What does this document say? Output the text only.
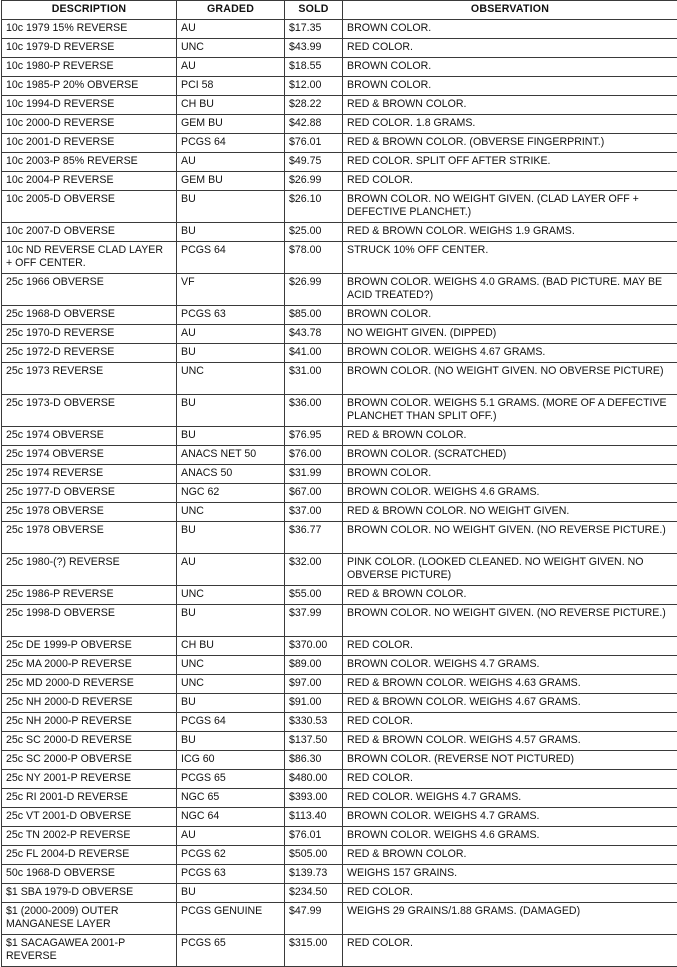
DESCRIPTION	GRADED	SOLD	OBSERVATION
10c 1979 15% REVERSE	AU	$17.35	BROWN COLOR.
10c 1979-D REVERSE	UNC	$43.99	RED COLOR.
10c 1980-P REVERSE	AU	$18.55	BROWN COLOR.
10c 1985-P 20% OBVERSE	PCI 58	$12.00	BROWN COLOR.
10c 1994-D REVERSE	CH BU	$28.22	RED & BROWN COLOR.
10c 2000-D REVERSE	GEM BU	$42.88	RED COLOR. 1.8 GRAMS.
10c 2001-D REVERSE	PCGS 64	$76.01	RED & BROWN COLOR. (OBVERSE FINGERPRINT.)
10c 2003-P 85% REVERSE	AU	$49.75	RED COLOR. SPLIT OFF AFTER STRIKE.
10c 2004-P REVERSE	GEM BU	$26.99	RED COLOR.
10c 2005-D OBVERSE	BU	$26.10	BROWN COLOR. NO WEIGHT GIVEN. (CLAD LAYER OFF + DEFECTIVE PLANCHET.)
10c 2007-D OBVERSE	BU	$25.00	RED & BROWN COLOR. WEIGHS 1.9 GRAMS.
10c ND REVERSE CLAD LAYER + OFF CENTER.	PCGS 64	$78.00	STRUCK 10% OFF CENTER.
25c 1966 OBVERSE	VF	$26.99	BROWN COLOR. WEIGHS 4.0 GRAMS. (BAD PICTURE. MAY BE ACID TREATED?)
25c 1968-D OBVERSE	PCGS 63	$85.00	BROWN COLOR.
25c 1970-D REVERSE	AU	$43.78	NO WEIGHT GIVEN. (DIPPED)
25c 1972-D REVERSE	BU	$41.00	BROWN COLOR. WEIGHS 4.67 GRAMS.
25c 1973 REVERSE	UNC	$31.00	BROWN COLOR. (NO WEIGHT GIVEN. NO OBVERSE PICTURE)
25c 1973-D OBVERSE	BU	$36.00	BROWN COLOR. WEIGHS 5.1 GRAMS. (MORE OF A DEFECTIVE PLANCHET THAN SPLIT OFF.)
25c 1974 OBVERSE	BU	$76.95	RED & BROWN COLOR.
25c 1974 OBVERSE	ANACS NET 50	$76.00	BROWN COLOR. (SCRATCHED)
25c 1974 REVERSE	ANACS 50	$31.99	BROWN COLOR.
25c 1977-D OBVERSE	NGC 62	$67.00	BROWN COLOR. WEIGHS 4.6 GRAMS.
25c 1978 OBVERSE	UNC	$37.00	RED & BROWN COLOR. NO WEIGHT GIVEN.
25c 1978 OBVERSE	BU	$36.77	BROWN COLOR. NO WEIGHT GIVEN. (NO REVERSE PICTURE.)
25c 1980-(?) REVERSE	AU	$32.00	PINK COLOR. (LOOKED CLEANED. NO WEIGHT GIVEN. NO OBVERSE PICTURE)
25c 1986-P REVERSE	UNC	$55.00	RED & BROWN COLOR.
25c 1998-D OBVERSE	BU	$37.99	BROWN COLOR. NO WEIGHT GIVEN. (NO REVERSE PICTURE.)
25c DE 1999-P OBVERSE	CH BU	$370.00	RED COLOR.
25c MA 2000-P REVERSE	UNC	$89.00	BROWN COLOR. WEIGHS 4.7 GRAMS.
25c MD 2000-D REVERSE	UNC	$97.00	RED & BROWN COLOR. WEIGHS 4.63 GRAMS.
25c NH 2000-D REVERSE	BU	$91.00	RED & BROWN COLOR. WEIGHS 4.67 GRAMS.
25c NH 2000-P REVERSE	PCGS 64	$330.53	RED COLOR.
25c SC 2000-D REVERSE	BU	$137.50	RED & BROWN COLOR. WEIGHS 4.57 GRAMS.
25c SC 2000-P OBVERSE	ICG 60	$86.30	BROWN COLOR. (REVERSE NOT PICTURED)
25c NY 2001-P REVERSE	PCGS 65	$480.00	RED COLOR.
25c RI 2001-D REVERSE	NGC 65	$393.00	RED COLOR. WEIGHS 4.7 GRAMS.
25c VT 2001-D OBVERSE	NGC 64	$113.40	BROWN COLOR. WEIGHS 4.7 GRAMS.
25c TN 2002-P REVERSE	AU	$76.01	BROWN COLOR. WEIGHS 4.6 GRAMS.
25c FL 2004-D REVERSE	PCGS 62	$505.00	RED & BROWN COLOR.
50c 1968-D OBVERSE	PCGS 63	$139.73	WEIGHS 157 GRAINS.
$1 SBA 1979-D OBVERSE	BU	$234.50	RED COLOR.
$1 (2000-2009) OUTER MANGANESE LAYER	PCGS GENUINE	$47.99	WEIGHS 29 GRAINS/1.88 GRAMS. (DAMAGED)
$1 SACAGAWEA 2001-P REVERSE	PCGS 65	$315.00	RED COLOR.
